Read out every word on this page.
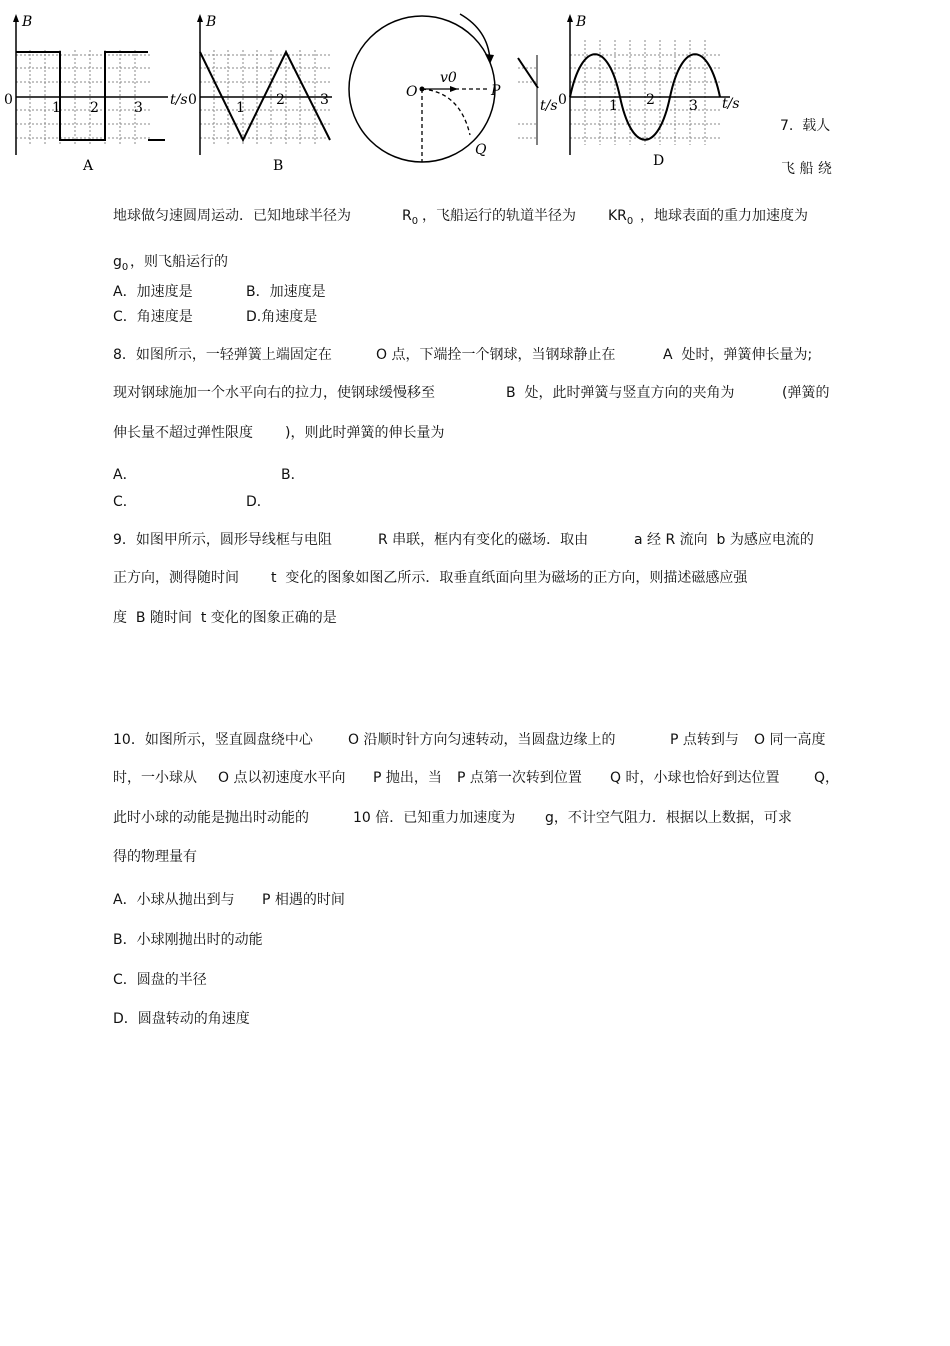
B
0	1 2	3 t/s
A
B
0	1 2	3
B
O
v0
P
Q
t/s
B
0	1 2 3 t/s
D
7.  载人
飞 船 绕
地球做匀速圆周运动．已知地球半径为	$R_0$ ，飞船运行的轨道半径为 $KR_0$ ，地球表面的重力加速度为
$g_0$ ，则飞船运行的
A．加速度是	B．加速度是
C．角速度是	D.角速度是
8．如图所示，一轻弹簧上端固定在	O 点，下端拴一个钢球，当钢球静止在	A  处时，弹簧伸长量为;
现对钢球施加一个水平向右的拉力，使钢球缓慢移至	B  处，此时弹簧与竖直方向的夹角为	(弹簧的
伸长量不超过弹性限度 )，则此时弹簧的伸长量为
A．	B．
C．	D．
9．如图甲所示，圆形导线框与电阻	R 串联，框内有变化的磁场．取由	a 经 R 流向  b 为感应电流的
正方向，测得随时间 t  变化的图象如图乙所示．取垂直纸面向里为磁场的正方向，则描述磁感应强
度  B 随时间  t 变化的图象正确的是
10．如图所示，竖直圆盘绕中心	O 沿顺时针方向匀速转动，当圆盘边缘上的	P 点转到与 O 同一高度
时，一小球从 O 点以初速度水平向 P 抛出，当 P 点第一次转到位置 Q 时，小球也恰好到达位置 Q，
此时小球的动能是抛出时动能的	10 倍．已知重力加速度为 g，不计空气阻力．根据以上数据，可求
得的物理量有
A．小球从抛出到与 P 相遇的时间
B．小球刚抛出时的动能
C．圆盘的半径
D．圆盘转动的角速度
